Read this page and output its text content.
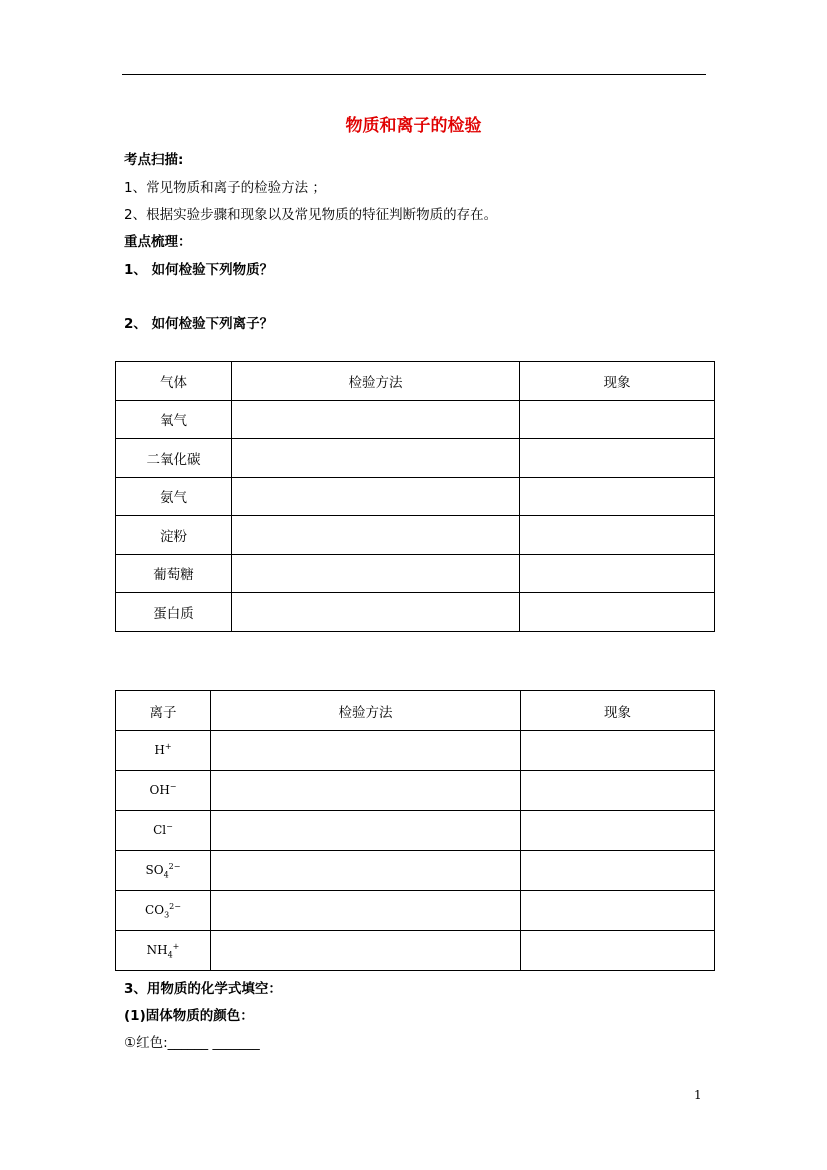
物质和离子的检验
考点扫描:
1、常见物质和离子的检验方法 ；
2、根据实验步骤和现象以及常见物质的特征判断物质的存在。
重点梳理：
1、 如何检验下列物质？
2、 如何检验下列离子？
气体	检验方法	现象
氧气		
二氧化碳		
氨气		
淀粉		
葡萄糖		
蛋白质		
离子	检验方法	现象
H+		
OH−		
Cl−		
$SO_4^{2-}$		
$CO_3^{2-}$		
$NH_4^+$		
3、用物质的化学式填空：
(1)固体物质的颜色：
①红色:______ _______
1
